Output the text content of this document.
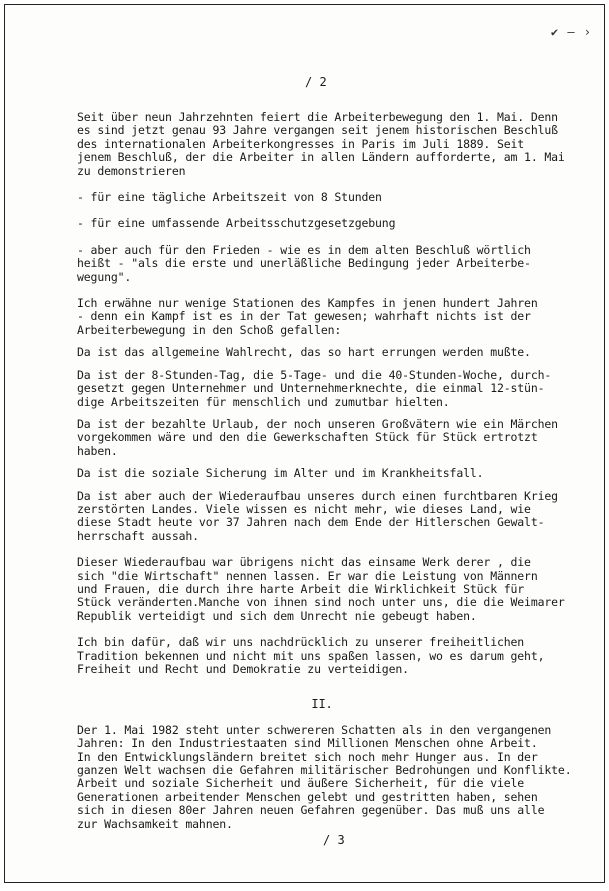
✔ — ›
/ 2

Seit über neun Jahrzehnten feiert die Arbeiterbewegung den 1. Mai. Denn
es sind jetzt genau 93 Jahre vergangen seit jenem historischen Beschluß
des internationalen Arbeiterkongresses in Paris im Juli 1889. Seit
jenem Beschluß, der die Arbeiter in allen Ländern aufforderte, am 1. Mai
zu demonstrieren

- für eine tägliche Arbeitszeit von 8 Stunden

- für eine umfassende Arbeitsschutzgesetzgebung

- aber auch für den Frieden - wie es in dem alten Beschluß wörtlich
heißt - "als die erste und unerläßliche Bedingung jeder Arbeiterbe-
wegung".

Ich erwähne nur wenige Stationen des Kampfes in jenen hundert Jahren
- denn ein Kampf ist es in der Tat gewesen; wahrhaft nichts ist der
Arbeiterbewegung in den Schoß gefallen:

Da ist das allgemeine Wahlrecht, das so hart errungen werden mußte.

Da ist der 8-Stunden-Tag, die 5-Tage- und die 40-Stunden-Woche, durch-
gesetzt gegen Unternehmer und Unternehmerknechte, die einmal 12-stün-
dige Arbeitszeiten für menschlich und zumutbar hielten.

Da ist der bezahlte Urlaub, der noch unseren Großvätern wie ein Märchen
vorgekommen wäre und den die Gewerkschaften Stück für Stück ertrotzt
haben.

Da ist die soziale Sicherung im Alter und im Krankheitsfall.

Da ist aber auch der Wiederaufbau unseres durch einen furchtbaren Krieg
zerstörten Landes. Viele wissen es nicht mehr, wie dieses Land, wie
diese Stadt heute vor 37 Jahren nach dem Ende der Hitlerschen Gewalt-
herrschaft aussah.

Dieser Wiederaufbau war übrigens nicht das einsame Werk derer , die
sich "die Wirtschaft" nennen lassen. Er war die Leistung von Männern
und Frauen, die durch ihre harte Arbeit die Wirklichkeit Stück für
Stück veränderten.Manche von ihnen sind noch unter uns, die die Weimarer
Republik verteidigt und sich dem Unrecht nie gebeugt haben.

Ich bin dafür, daß wir uns nachdrücklich zu unserer freiheitlichen
Tradition bekennen und nicht mit uns spaßen lassen, wo es darum geht,
Freiheit und Recht und Demokratie zu verteidigen.

II.

Der 1. Mai 1982 steht unter schwereren Schatten als in den vergangenen
Jahren: In den Industriestaaten sind Millionen Menschen ohne Arbeit.
In den Entwicklungsländern breitet sich noch mehr Hunger aus. In der
ganzen Welt wachsen die Gefahren militärischer Bedrohungen und Konflikte.
Arbeit und soziale Sicherheit und äußere Sicherheit, für die viele
Generationen arbeitender Menschen gelebt und gestritten haben, sehen
sich in diesen 80er Jahren neuen Gefahren gegenüber. Das muß uns alle
zur Wachsamkeit mahnen.

/ 3
